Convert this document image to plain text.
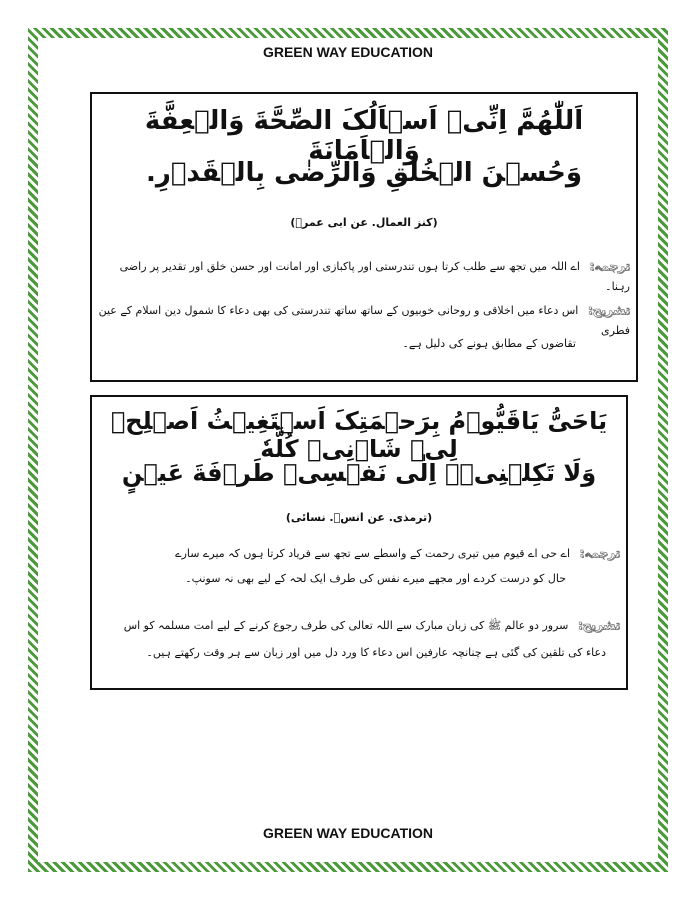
GREEN WAY EDUCATION
اَللّٰهُمَّ اِنِّیۡ اَسۡاَلُکَ الصِّحَّةَ وَالۡعِفَّةَ وَالۡاَمَانَةَ
وَحُسۡنَ الۡخُلُقِ وَالرِّضٰی بِالۡقَدۡرِ.
(کنز العمال. عن ابی عمرؓ)
ترجمہ: اے اللہ میں تجھ سے طلب کرتا ہوں تندرستی اور پاکبازی اور امانت اور حسن خلق اور تقدیر پر راضی رہنا۔
تشریح: اس دعاء میں اخلاقی و روحانی خوبیوں کے ساتھ ساتھ تندرستی کی بھی دعاء کا شمول دین اسلام کے عین فطری
تقاضوں کے مطابق ہونے کی دلیل ہے۔
یَاحَیُّ یَاقَیُّوۡمُ بِرَحۡمَتِکَ اَسۡتَغِیۡثُ اَصۡلِحۡ لِیۡ شَاۡنِیۡ کُلَّهٗ
وَلَا تَکِلۡنِیۡۤ اِلٰی نَفۡسِیۡ طَرۡفَةَ عَیۡنٍ
(ترمذی. عن انسؓ. نسائی)
ترجمہ: اے حی اے قیوم میں تیری رحمت کے واسطے سے تجھ سے فریاد کرتا ہوں کہ میرے سارے
حال کو درست کردے اور مجھے میرے نفس کی طرف ایک لحہ کے لیے بھی نہ سونپ۔
تشریح: سرور دو عالم ﷺ کی زبان مبارک سے اللہ تعالی کی طرف رجوع کرنے کے لیے امت مسلمہ کو اس
دعاء کی تلقین کی گئی ہے چنانچہ عارفین اس دعاء کا ورد دل میں اور زبان سے ہر وقت رکھتے ہیں۔
GREEN WAY EDUCATION
